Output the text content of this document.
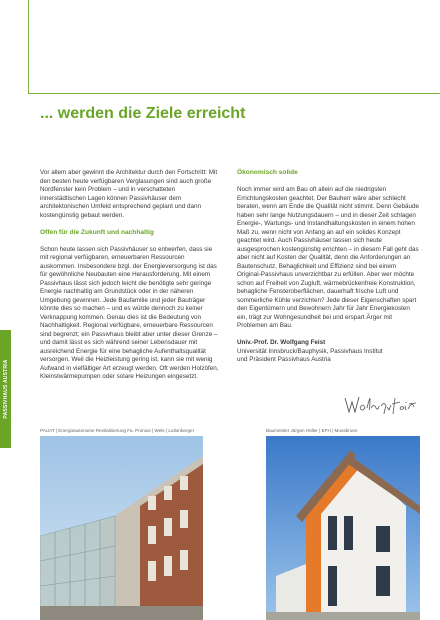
... werden die Ziele erreicht

Vor allem aber gewinnt die Architektur durch den Fortschritt: Mit den besten heute verfügbaren Verglasungen sind auch große Nordfenster kein Problem – und in verschatteten innerstädtischen Lagen können Passivhäuser dem architektonischen Umfeld entsprechend geplant und dann kostengünstig gebaut werden.

Offen für die Zukunft und nachhaltig

Schon heute lassen sich Passivhäuser so entwerfen, dass sie mit regional verfügbaren, erneuerbaren Ressourcen auskommen. Insbesondere bzgl. der Energieversorgung ist das für gewöhnliche Neubauten eine Herausforderung. Mit einem Passivhaus lässt sich jedoch leicht die benötigte sehr geringe Energie nachhaltig am Grundstück oder in der näheren Umgebung gewinnen. Jede Baufamilie und jeder Bauträger könnte dies so machen – und es würde dennoch zu keiner Verknappung kommen. Genau dies ist die Bedeutung von Nachhaltigkeit. Regional verfügbare, erneuerbare Ressourcen sind begrenzt; ein Passivhaus bleibt aber unter dieser Grenze – und damit lässt es sich während seiner Lebensdauer mit ausreichend Energie für eine behagliche Aufenthaltsqualität versorgen. Weil die Heizleistung gering ist, kann sie mit wenig Aufwand in vielfältiger Art erzeugt werden. Oft werden Holzöfen, Kleinstwärmepumpen oder solare Heizungen eingesetzt.

Ökonomisch solide

Noch immer wird am Bau oft allein auf die niedrigsten Errichtungskosten geachtet. Der Bauherr wäre aber schlecht beraten, wenn am Ende die Qualität nicht stimmt. Denn Gebäude haben sehr lange Nutzungsdauern – und in dieser Zeit schlagen Energie-, Wartungs- und Instandhaltungskosten in einem hohen Maß zu, wenn nicht von Anfang an auf ein solides Konzept geachtet wird. Auch Passivhäuser lassen sich heute ausgesprochen kostengünstig errichten – in diesem Fall geht das aber nicht auf Kosten der Qualität, denn die Anforderungen an Bautenschutz, Behaglichkeit und Effizienz sind bei einem Original-Passivhaus unverzichtbar zu erfüllen. Aber wer möchte schon auf Freiheit von Zugluft, wärmebrückenfreie Konstruktion, behagliche Fensteroberflächen, dauerhaft frische Luft und sommerliche Kühle verzichten? Jede dieser Eigenschaften spart den Eigentümern und Bewohnern Jahr für Jahr Energiekosten ein, trägt zur Wohngesundheit bei und erspart Ärger mit Problemen am Bau.

Univ.-Prof. Dr. Wolfgang Feist
Universität Innsbruck/Bauphysik, Passivhaus Institut
und Präsident Passivhaus Austria
PASSIVHAUS AUSTRIA
PAUAT | Energieautonome Revitalisierung Fa. Pronius | Wels | Lutlonberger	Baumeister Jürgen Höller | EFH | Moosbrunn
